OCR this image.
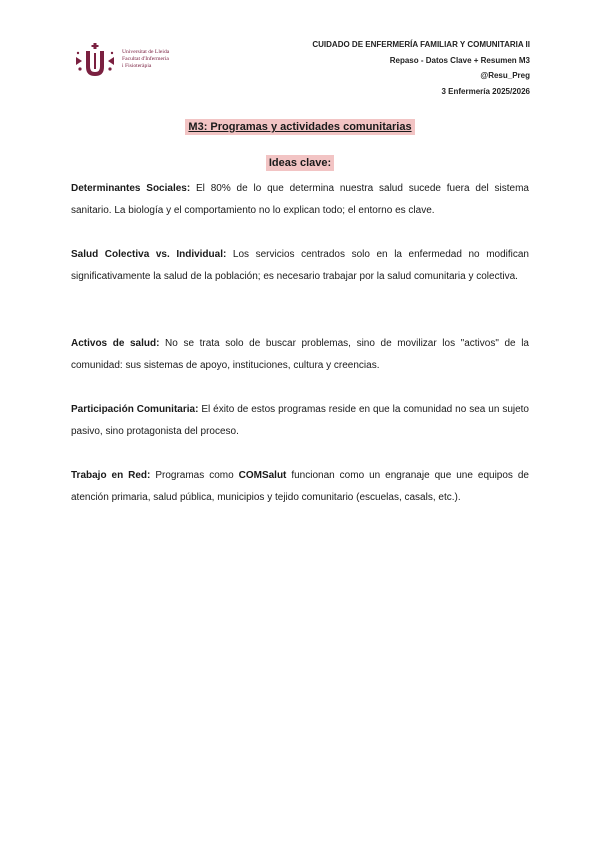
Universitat de Lleida
Facultat d'Infermeria
i Fisioteràpia
CUIDADO DE ENFERMERÍA FAMILIAR Y COMUNITARIA II
Repaso - Datos Clave + Resumen M3
@Resu_Preg
3 Enfermería 2025/2026
M3: Programas y actividades comunitarias
Ideas clave:

Determinantes Sociales: El 80% de lo que determina nuestra salud sucede fuera del sistema sanitario. La biología y el comportamiento no lo explican todo; el entorno es clave.

Salud Colectiva vs. Individual: Los servicios centrados solo en la enfermedad no modifican significativamente la salud de la población; es necesario trabajar por la salud comunitaria y colectiva.

Activos de salud: No se trata solo de buscar problemas, sino de movilizar los "activos" de la comunidad: sus sistemas de apoyo, instituciones, cultura y creencias.

Participación Comunitaria: El éxito de estos programas reside en que la comunidad no sea un sujeto pasivo, sino protagonista del proceso.

Trabajo en Red: Programas como COMSalut funcionan como un engranaje que une equipos de atención primaria, salud pública, municipios y tejido comunitario (escuelas, casals, etc.).
